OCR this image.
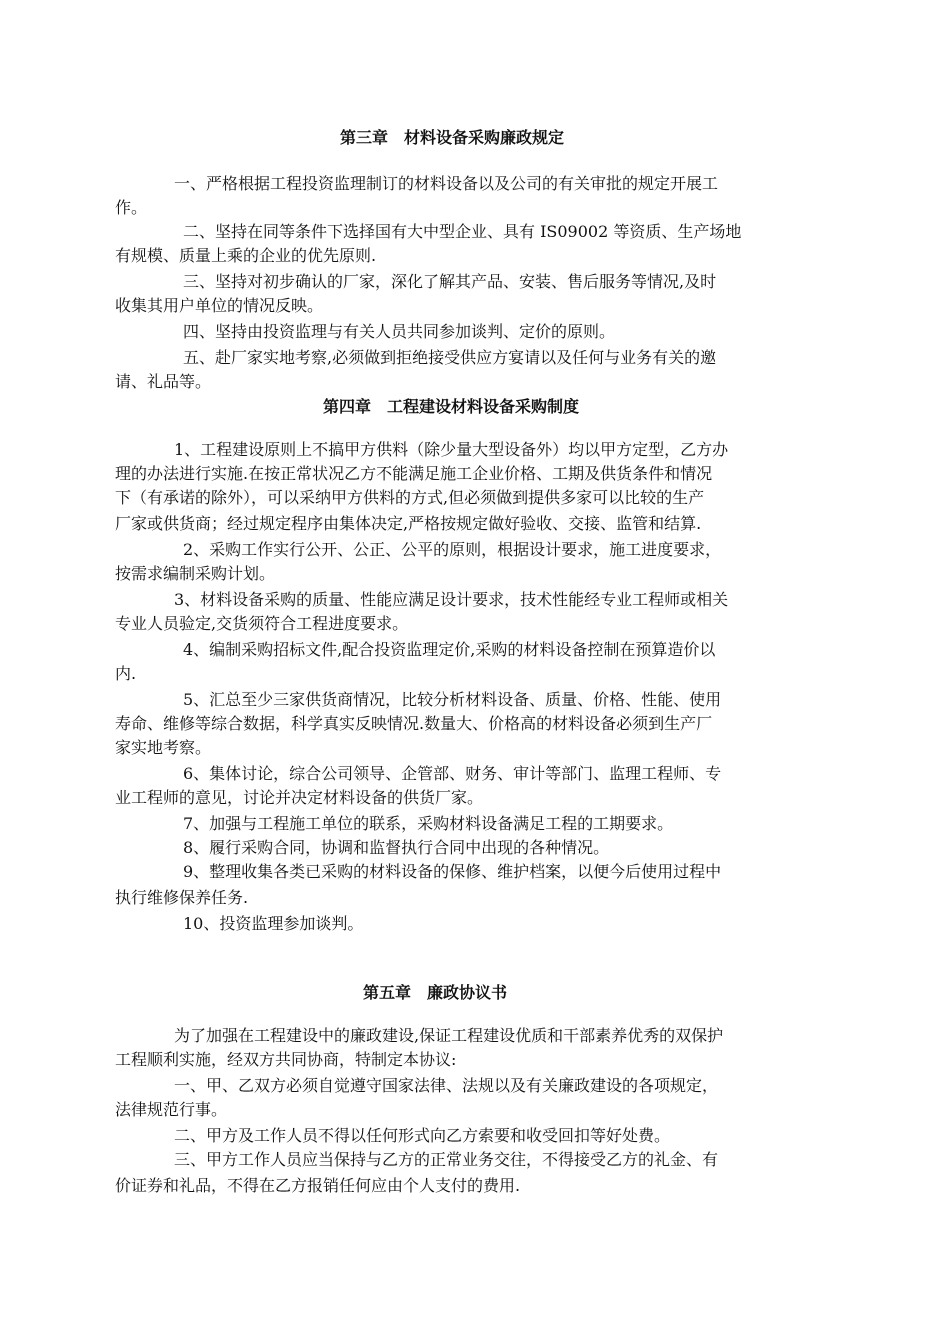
第三章　材料设备采购廉政规定

一、严格根据工程投资监理制订的材料设备以及公司的有关审批的规定开展工

作。

二、坚持在同等条件下选择国有大中型企业、具有 IS09002 等资质、生产场地

有规模、质量上乘的企业的优先原则.

三、坚持对初步确认的厂家，深化了解其产品、安装、售后服务等情况,及时

收集其用户单位的情况反映。

四、坚持由投资监理与有关人员共同参加谈判、定价的原则。

五、赴厂家实地考察,必须做到拒绝接受供应方宴请以及任何与业务有关的邀

请、礼品等。

第四章　工程建设材料设备采购制度

1、工程建设原则上不搞甲方供料（除少量大型设备外）均以甲方定型，乙方办

理的办法进行实施.在按正常状况乙方不能满足施工企业价格、工期及供货条件和情况

下（有承诺的除外），可以采纳甲方供料的方式,但必须做到提供多家可以比较的生产

厂家或供货商；经过规定程序由集体决定,严格按规定做好验收、交接、监管和结算.

2、采购工作实行公开、公正、公平的原则，根据设计要求，施工进度要求，

按需求编制采购计划。

3、材料设备采购的质量、性能应满足设计要求，技术性能经专业工程师或相关

专业人员验定,交货须符合工程进度要求。

4、编制采购招标文件,配合投资监理定价,采购的材料设备控制在预算造价以

内.

5、汇总至少三家供货商情况，比较分析材料设备、质量、价格、性能、使用

寿命、维修等综合数据，科学真实反映情况.数量大、价格高的材料设备必须到生产厂

家实地考察。

6、集体讨论，综合公司领导、企管部、财务、审计等部门、监理工程师、专

业工程师的意见，讨论并决定材料设备的供货厂家。

7、加强与工程施工单位的联系，采购材料设备满足工程的工期要求。

8、履行采购合同，协调和监督执行合同中出现的各种情况。

9、整理收集各类已采购的材料设备的保修、维护档案，以便今后使用过程中

执行维修保养任务.

10、投资监理参加谈判。

第五章　廉政协议书

为了加强在工程建设中的廉政建设,保证工程建设优质和干部素养优秀的双保护

工程顺利实施，经双方共同协商，特制定本协议:

一、甲、乙双方必须自觉遵守国家法律、法规以及有关廉政建设的各项规定，

法律规范行事。

二、甲方及工作人员不得以任何形式向乙方索要和收受回扣等好处费。

三、甲方工作人员应当保持与乙方的正常业务交往，不得接受乙方的礼金、有

价证券和礼品，不得在乙方报销任何应由个人支付的费用.
